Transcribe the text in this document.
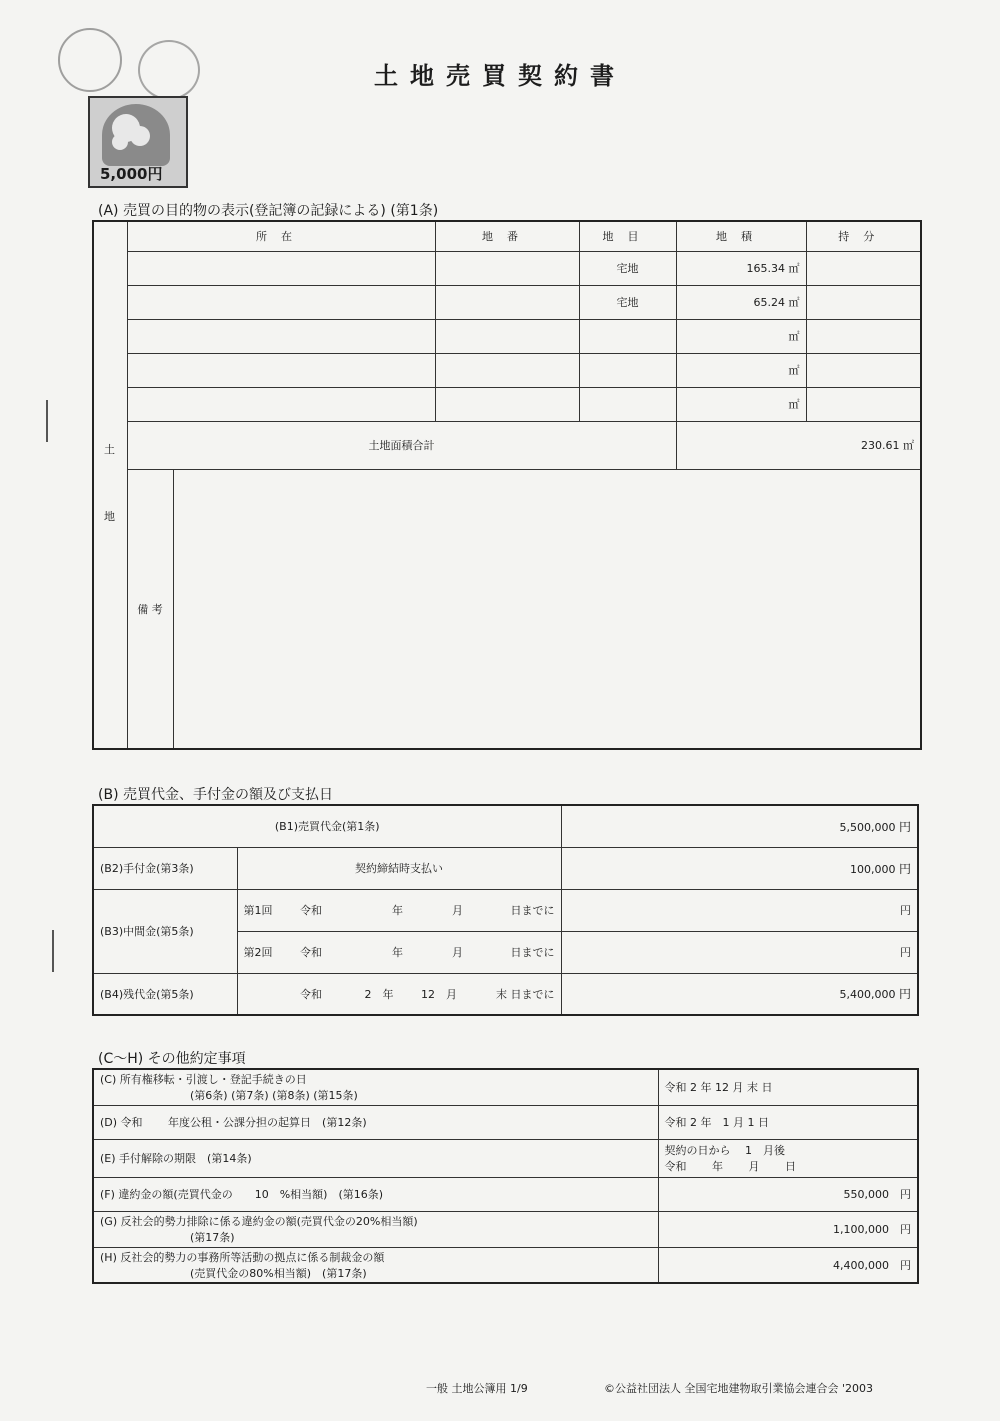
5,000円
土地売買契約書
(A) 売買の目的物の表示(登記簿の記録による) (第1条)
	所在		地番	地目	地積	持分
				宅地	165.34 ㎡	
				宅地	65.24 ㎡	
					㎡	
					㎡	
					㎡	
	土地面積合計				230.61 ㎡	
	備 考					
土
地
(B) 売買代金、手付金の額及び支払日
(B1)売買代金(第1条)						5,500,000 円
(B2)手付金(第3条)	契約締結時支払い					100,000 円
(B3)中間金(第5条)	第1回	令和	年	月	日までに	円
	第2回	令和	年	月	日までに	円
(B4)残代金(第5条)		令和	2　 年	12　 月	末 日までに	5,400,000 円
(C〜H) その他約定事項
(C) 所有権移転・引渡し・登記手続きの日
(第6条) (第7条) (第8条) (第15条)	令和 2 年 12 月 末 日
(D) 令和　　 年度公租・公課分担の起算日　(第12条)	令和 2 年　1 月 1 日
(E) 手付解除の期限　(第14条)	契約の日から　 1　月後
令和　　 年　　 月　　 日

(F) 違約金の額(売買代金の　　10　%相当額)　(第16条)	550,000　 円

(G) 反社会的勢力排除に係る違約金の額(売買代金の20%相当額)
(第17条)	1,100,000　 円

(H) 反社会的勢力の事務所等活動の拠点に係る制裁金の額
(売買代金の80%相当額)　(第17条)	4,400,000　 円
一般 土地公簿用 1/9	©公益社団法人 全国宅地建物取引業協会連合会 '2003
